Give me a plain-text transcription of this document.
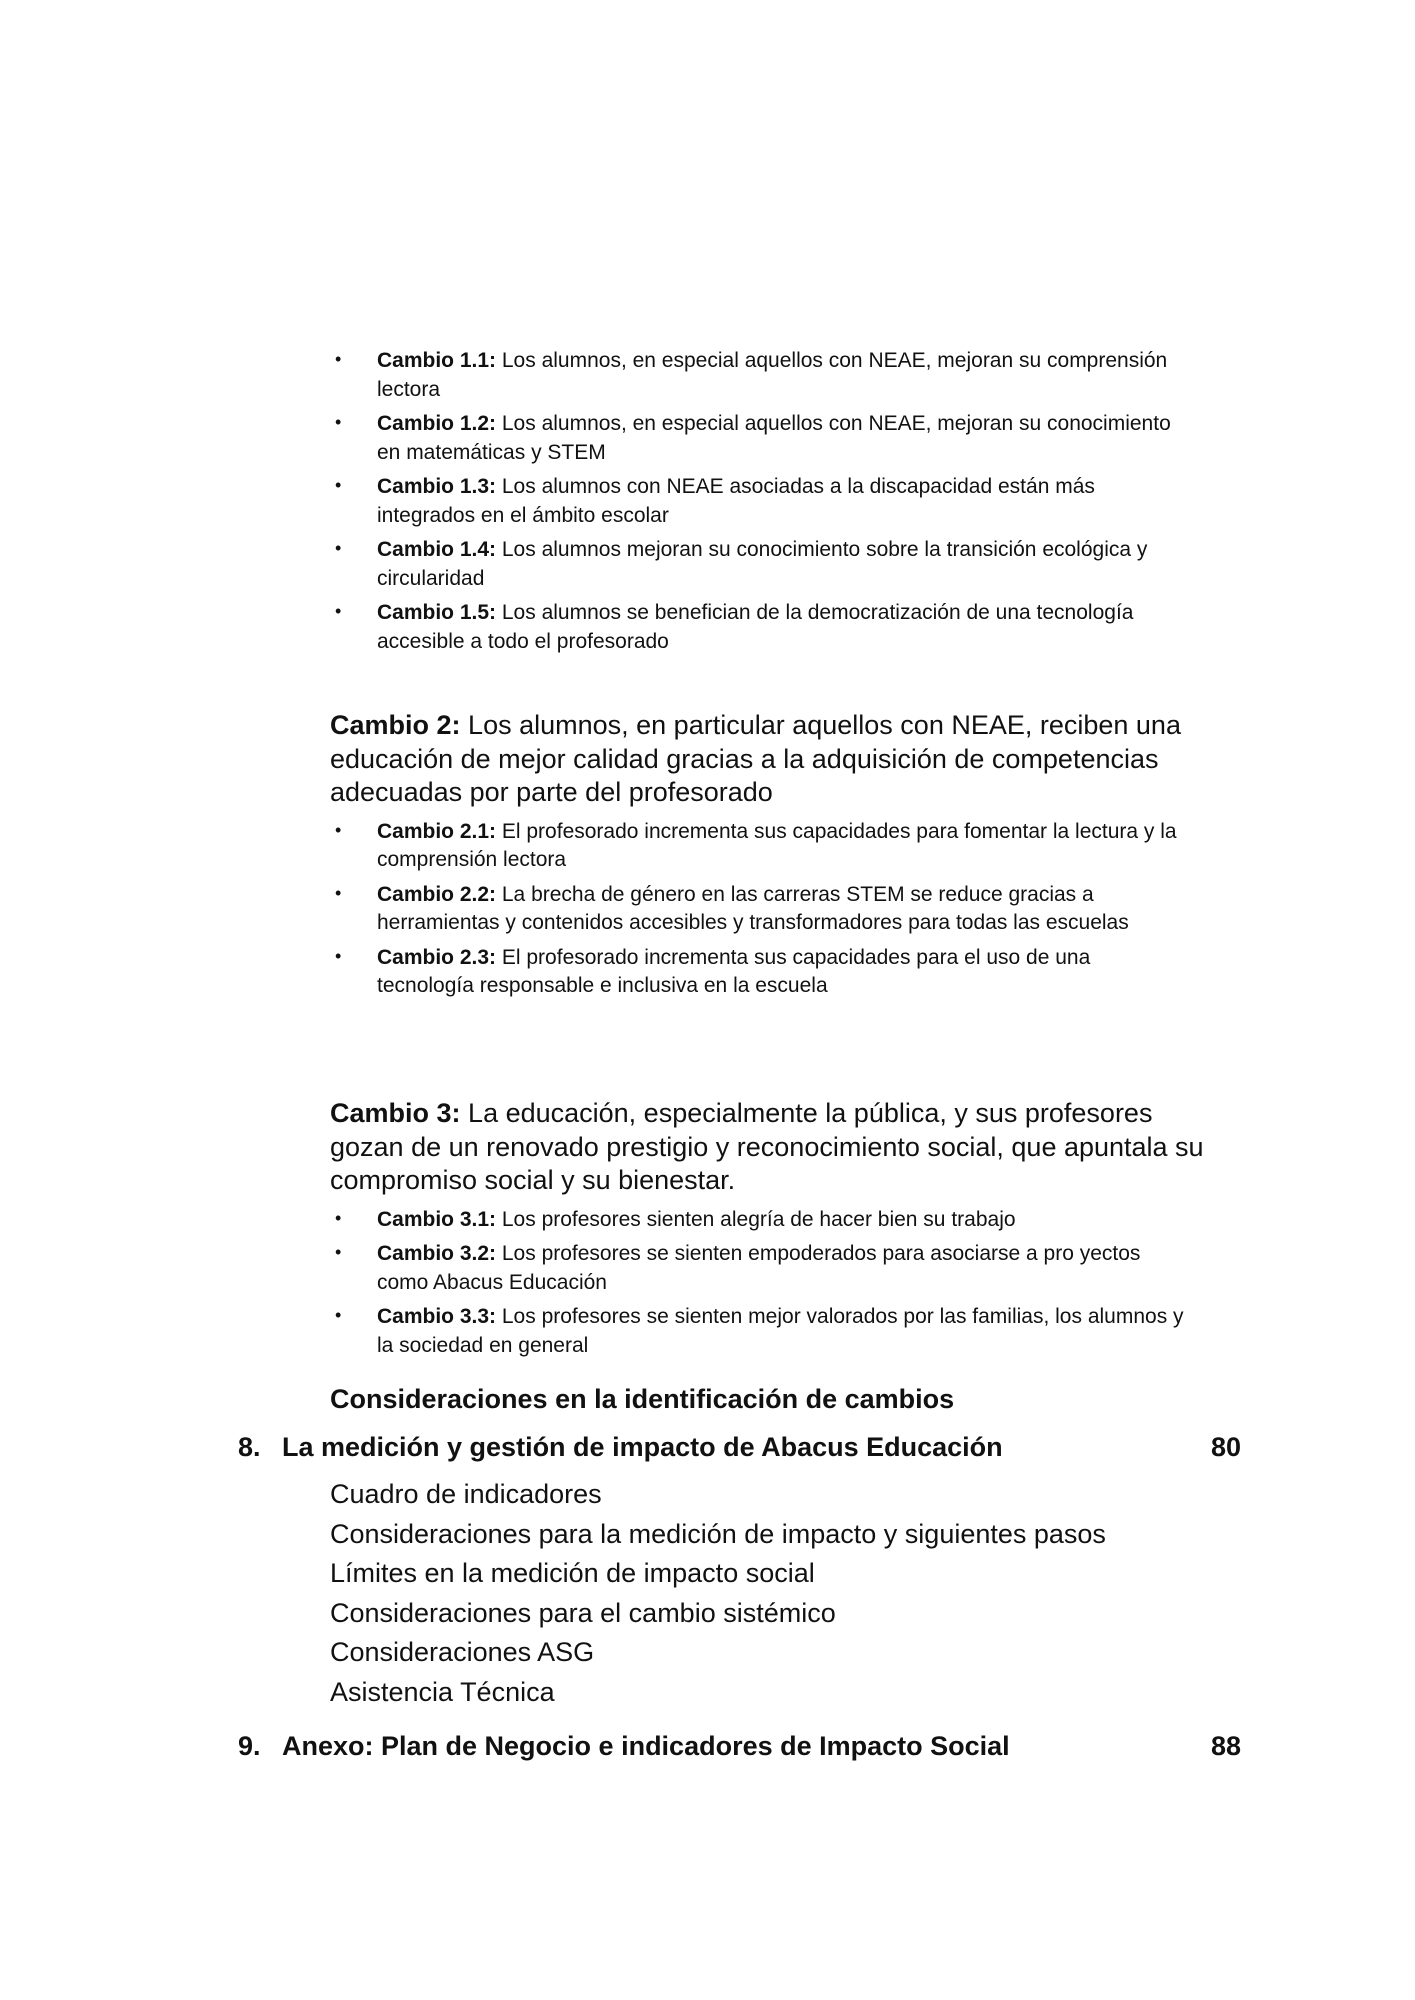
• Cambio 1.1: Los alumnos, en especial aquellos con NEAE, mejoran su comprensión lectora
• Cambio 1.2: Los alumnos, en especial aquellos con NEAE, mejoran su conocimiento en matemáticas y STEM
• Cambio 1.3: Los alumnos con NEAE asociadas a la discapacidad están más integrados en el ámbito escolar
• Cambio 1.4: Los alumnos mejoran su conocimiento sobre la transición ecológica y circularidad
• Cambio 1.5: Los alumnos se benefician de la democratización de una tecnología accesible a todo el profesorado

Cambio 2: Los alumnos, en particular aquellos con NEAE, reciben una educación de mejor calidad gracias a la adquisición de competencias adecuadas por parte del profesorado

• Cambio 2.1: El profesorado incrementa sus capacidades para fomentar la lectura y la comprensión lectora
• Cambio 2.2: La brecha de género en las carreras STEM se reduce gracias a herramientas y contenidos accesibles y transformadores para todas las escuelas
• Cambio 2.3: El profesorado incrementa sus capacidades para el uso de una tecnología responsable e inclusiva en la escuela

Cambio 3: La educación, especialmente la pública, y sus profesores gozan de un renovado prestigio y reconocimiento social, que apuntala su compromiso social y su bienestar.

• Cambio 3.1: Los profesores sienten alegría de hacer bien su trabajo
• Cambio 3.2: Los profesores se sienten empoderados para asociarse a pro yectos como Abacus Educación
• Cambio 3.3: Los profesores se sienten mejor valorados por las familias, los alumnos y la sociedad en general

Consideraciones en la identificación de cambios

8. La medición y gestión de impacto de Abacus Educación	80

Cuadro de indicadores

Consideraciones para la medición de impacto y siguientes pasos

Límites en la medición de impacto social

Consideraciones para el cambio sistémico

Consideraciones ASG

Asistencia Técnica

9. Anexo: Plan de Negocio e indicadores de Impacto Social	88
